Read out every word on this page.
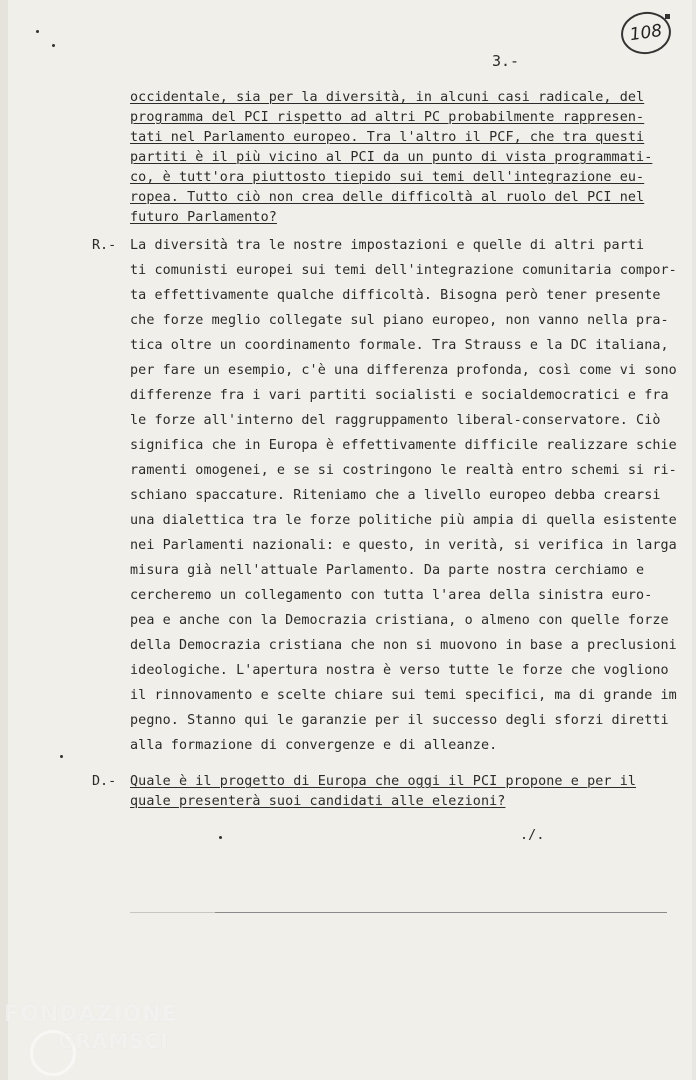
108
3.-
occidentale, sia per la diversità, in alcuni casi radicale, del
programma del PCI rispetto ad altri PC probabilmente rappresen-
tati nel Parlamento europeo. Tra l'altro il PCF, che tra questi
partiti è il più vicino al PCI da un punto di vista programmati-
co, è tutt'ora piuttosto tiepido sui temi dell'integrazione eu-
ropea. Tutto ciò non crea delle difficoltà al ruolo del PCI nel
futuro Parlamento?
R.- La diversità tra le nostre impostazioni e quelle di altri parti
ti comunisti europei sui temi dell'integrazione comunitaria compor-
ta effettivamente qualche difficoltà. Bisogna però tener presente
che forze meglio collegate sul piano europeo, non vanno nella pra-
tica oltre un coordinamento formale. Tra Strauss e la DC italiana,
per fare un esempio, c'è una differenza profonda, così come vi sono
differenze fra i vari partiti socialisti e socialdemocratici e fra
le forze all'interno del raggruppamento liberal-conservatore. Ciò
significa che in Europa è effettivamente difficile realizzare schie
ramenti omogenei, e se si costringono le realtà entro schemi si ri-
schiano spaccature. Riteniamo che a livello europeo debba crearsi
una dialettica tra le forze politiche più ampia di quella esistente
nei Parlamenti nazionali: e questo, in verità, si verifica in larga
misura già nell'attuale Parlamento. Da parte nostra cerchiamo e
cercheremo un collegamento con tutta l'area della sinistra euro-
pea e anche con la Democrazia cristiana, o almeno con quelle forze
della Democrazia cristiana che non si muovono in base a preclusioni
ideologiche. L'apertura nostra è verso tutte le forze che vogliono
il rinnovamento e scelte chiare sui temi specifici, ma di grande im
pegno. Stanno qui le garanzie per il successo degli sforzi diretti
alla formazione di convergenze e di alleanze.
D.- Quale è il progetto di Europa che oggi il PCI propone e per il
quale presenterà suoi candidati alle elezioni?
./.
FONDAZIONE
GRAMSCI
